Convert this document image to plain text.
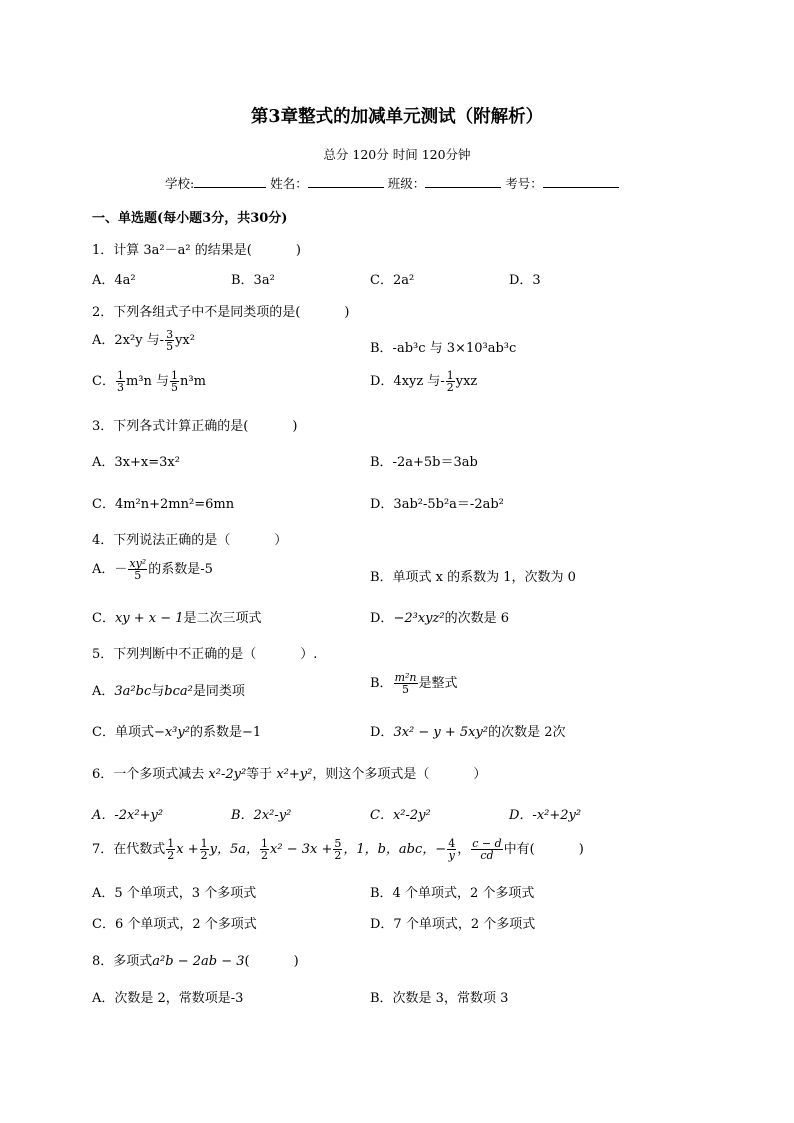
第3章整式的加减单元测试（附解析）
总分 120分 时间 120分钟
学校:	姓名：	班级：	考号：
一、单选题(每小题3分，共30分)
1．计算 3a²－a² 的结果是(	)
A．4a²	B．3a²	C．2a²	D．3
2．下列各组式子中不是同类项的是(	)
A．2x²y 与- $\frac{3}{5} yx^2$
B．-ab³c 与 3×10³ab³c
C． $\frac{1}{3} m^3n$ 与 $\frac{1}{5} n^3m$	D．4xyz 与- $\frac{1}{2}$ yxz
3．下列各式计算正确的是(	)
A．3x+x=3x²	B．-2a+5b＝3ab
C．4m²n+2mn²=6mn	D．3ab²-5b²a＝-2ab²
4．下列说法正确的是（	）
A．－ $\frac{\text{xy²}}{5}$ 的系数是-5
B．单项式 x 的系数为 1，次数为 0
C．xy + x − 1是二次三项式	D．−2³xyz²的次数是 6
5．下列判断中不正确的是（	）.
A．3a²bc与bca²是同类项
B． $\frac{\text{m²n}}{5}$ 是整式
C．单项式−x³y²的系数是−1	D．3x² − y + 5xy²的次数是 2次
6．一个多项式减去 x²-2y²等于 x²+y²，则这个多项式是（	）
A．-2x²+y²	B．2x²-y²	C．x²-2y²	D．-x²+2y²
7．在代数式 $\frac{1}{2}$ $x + \frac{1}{2}$ y，5a， $\frac{1}{2} x^2 - 3x + \frac{5}{2}$ ，1，b，abc，− $\frac{4}{y}$ ， $\frac{c - d}{cd}$ 中有(	)
A．5 个单项式，3 个多项式	B．4 个单项式，2 个多项式
C．6 个单项式，2 个多项式	D．7 个单项式，2 个多项式
8．多项式a²b − 2ab − 3(	)
A．次数是 2，常数项是-3	B．次数是 3，常数项 3
